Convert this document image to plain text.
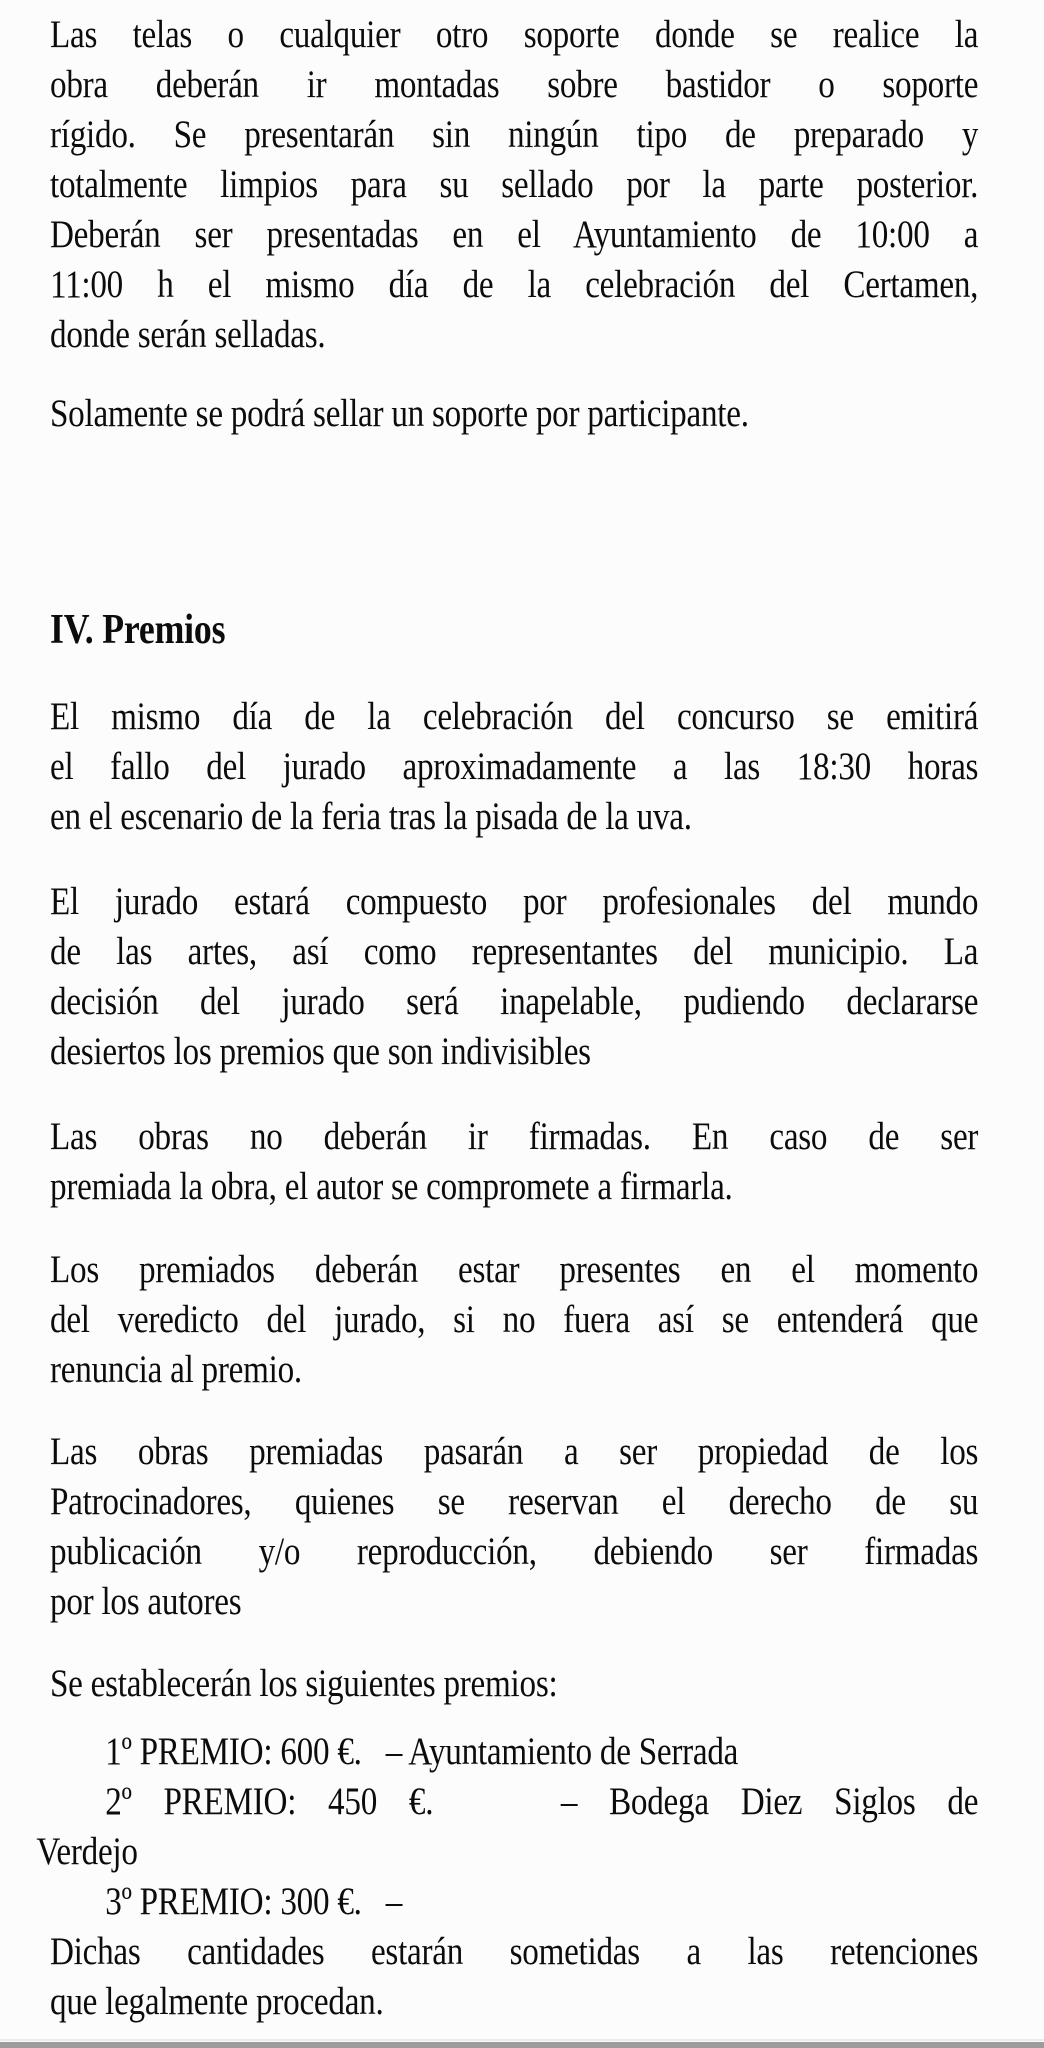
Las telas o cualquier otro soporte donde se realice la
obra deberán ir montadas sobre bastidor o soporte
rígido. Se presentarán sin ningún tipo de preparado y
totalmente limpios para su sellado por la parte posterior.
Deberán ser presentadas en el Ayuntamiento de 10:00 a
11:00 h el mismo día de la celebración del Certamen,
donde serán selladas.
Solamente se podrá sellar un soporte por participante.
IV. Premios
El mismo día de la celebración del concurso se emitirá
el fallo del jurado aproximadamente a las 18:30 horas
en el escenario de la feria tras la pisada de la uva.
El jurado estará compuesto por profesionales del mundo
de las artes, así como representantes del municipio. La
decisión del jurado será inapelable, pudiendo declararse
desiertos los premios que son indivisibles
Las obras no deberán ir firmadas. En caso de ser
premiada la obra, el autor se compromete a firmarla.
Los premiados deberán estar presentes en el momento
del veredicto del jurado, si no fuera así se entenderá que
renuncia al premio.
Las obras premiadas pasarán a ser propiedad de los
Patrocinadores, quienes se reservan el derecho de su
publicación y/o reproducción, debiendo ser firmadas
por los autores
Se establecerán los siguientes premios:
1º PREMIO: 600 €.   – Ayuntamiento de Serrada
2º PREMIO: 450 €.    – Bodega Diez Siglos de
Verdejo
3º PREMIO: 300 €.   –
Dichas cantidades estarán sometidas a las retenciones
que legalmente procedan.
